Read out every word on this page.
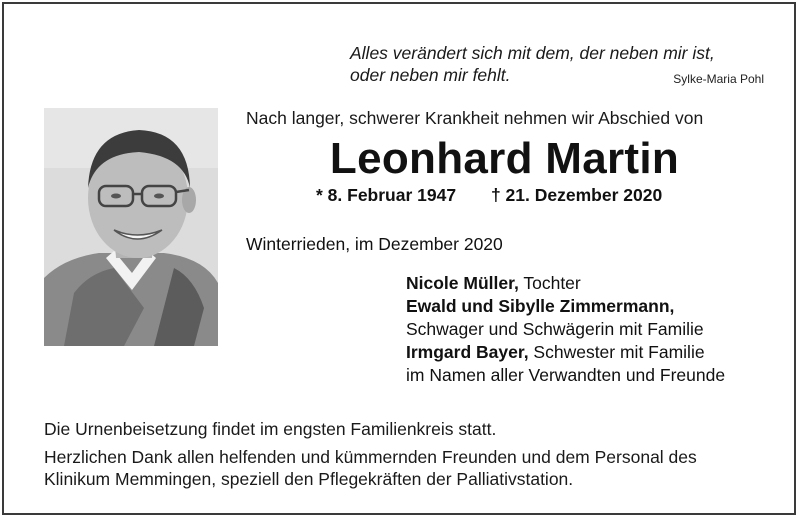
Alles verändert sich mit dem, der neben mir ist,
oder neben mir fehlt.	Sylke-Maria Pohl
Nach langer, schwerer Krankheit nehmen wir Abschied von
Leonhard Martin
* 8. Februar 1947 † 21. Dezember 2020
Winterrieden, im Dezember 2020
Nicole Müller, Tochter
Ewald und Sibylle Zimmermann,
Schwager und Schwägerin mit Familie
Irmgard Bayer, Schwester mit Familie
im Namen aller Verwandten und Freunde
Die Urnenbeisetzung findet im engsten Familienkreis statt.
Herzlichen Dank allen helfenden und kümmernden Freunden und dem Personal des
Klinikum Memmingen, speziell den Pflegekräften der Palliativstation.
